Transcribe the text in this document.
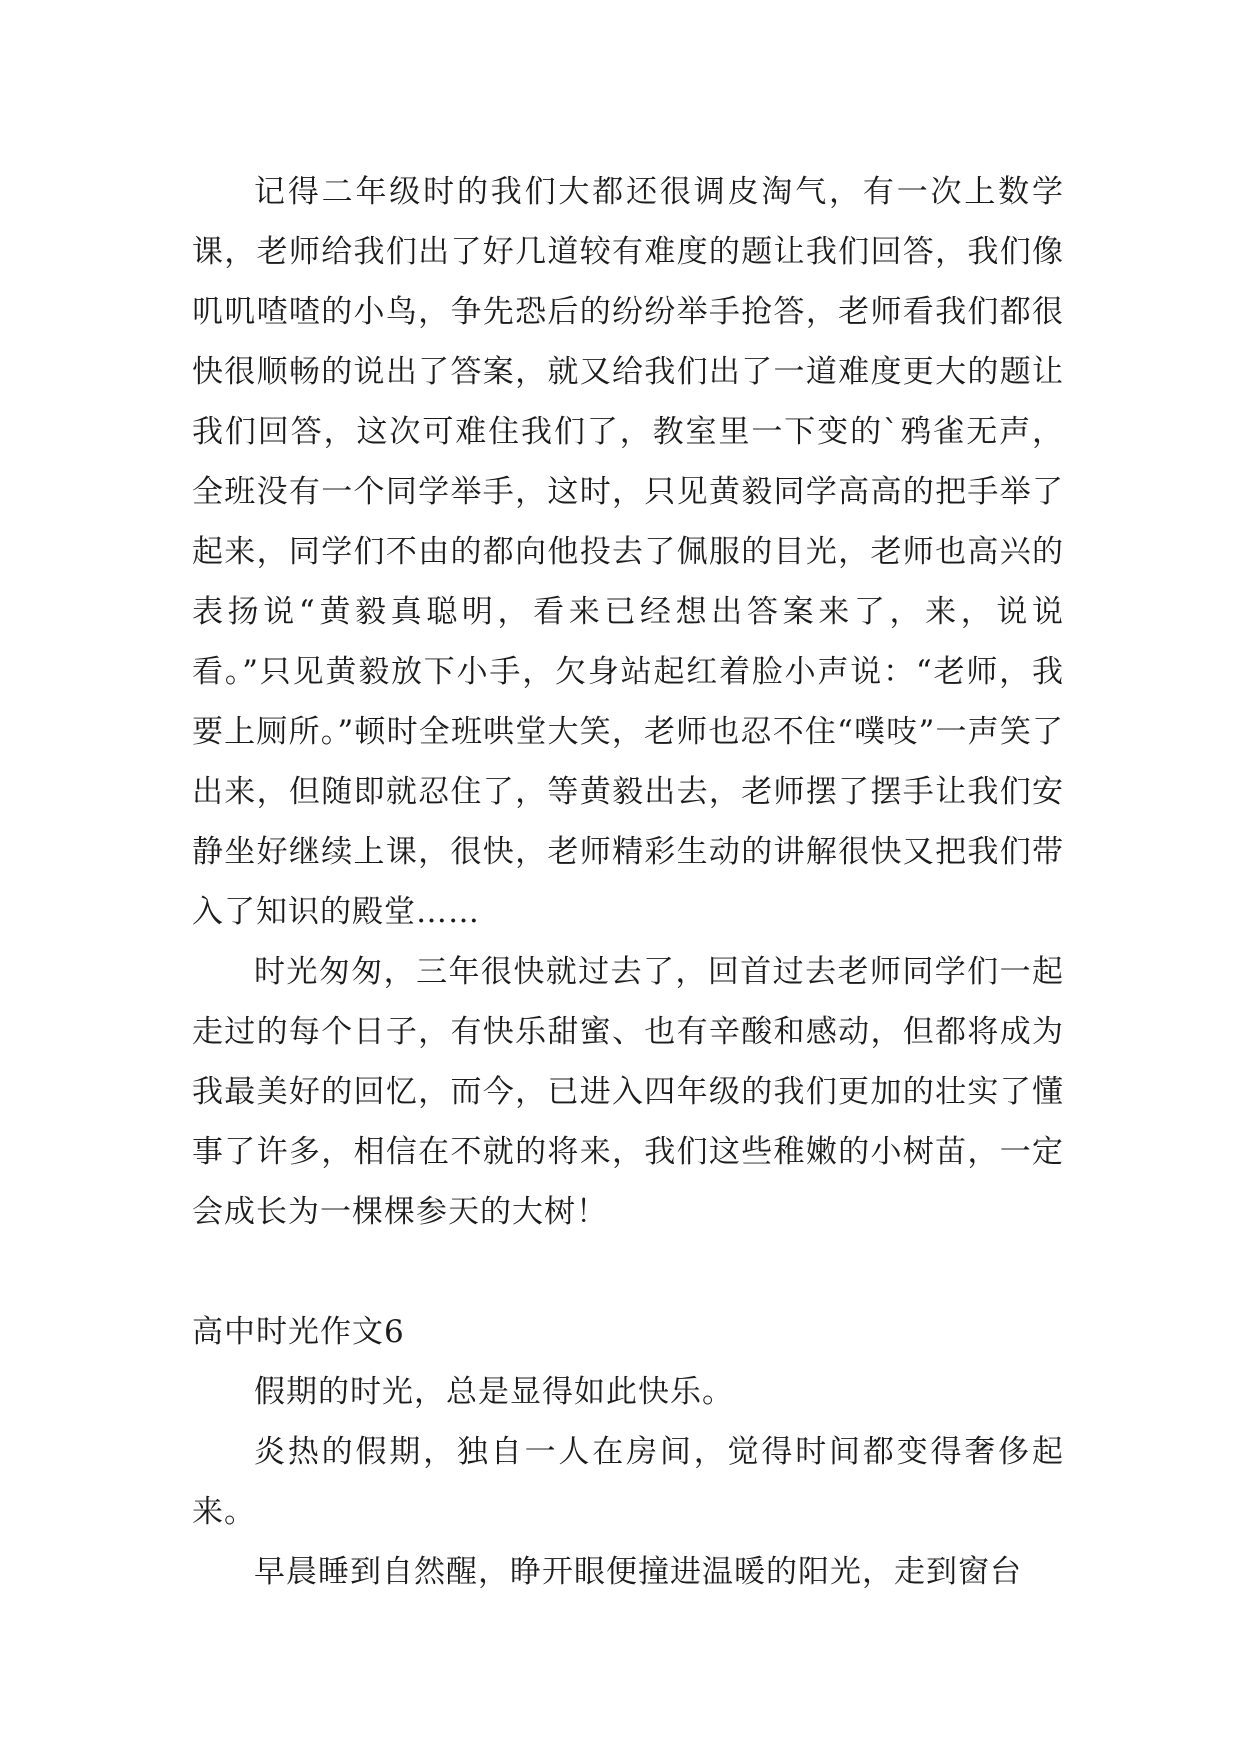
记得二年级时的我们大都还很调皮淘气，有一次上数学课，老师给我们出了好几道较有难度的题让我们回答，我们像叽叽喳喳的小鸟，争先恐后的纷纷举手抢答，老师看我们都很快很顺畅的说出了答案，就又给我们出了一道难度更大的题让我们回答，这次可难住我们了，教室里一下变的`鸦雀无声，全班没有一个同学举手，这时，只见黄毅同学高高的把手举了起来，同学们不由的都向他投去了佩服的目光，老师也高兴的表扬说“黄毅真聪明，看来已经想出答案来了，来，说说看。”只见黄毅放下小手，欠身站起红着脸小声说：“老师，我要上厕所。”顿时全班哄堂大笑，老师也忍不住“噗吱”一声笑了出来，但随即就忍住了，等黄毅出去，老师摆了摆手让我们安静坐好继续上课，很快，老师精彩生动的讲解很快又把我们带入了知识的殿堂……

时光匆匆，三年很快就过去了，回首过去老师同学们一起走过的每个日子，有快乐甜蜜、也有辛酸和感动，但都将成为我最美好的回忆，而今，已进入四年级的我们更加的壮实了懂事了许多，相信在不就的将来，我们这些稚嫩的小树苗，一定会成长为一棵棵参天的大树！

高中时光作文6

假期的时光，总是显得如此快乐。

炎热的假期，独自一人在房间，觉得时间都变得奢侈起来。

早晨睡到自然醒，睁开眼便撞进温暖的阳光，走到窗台
